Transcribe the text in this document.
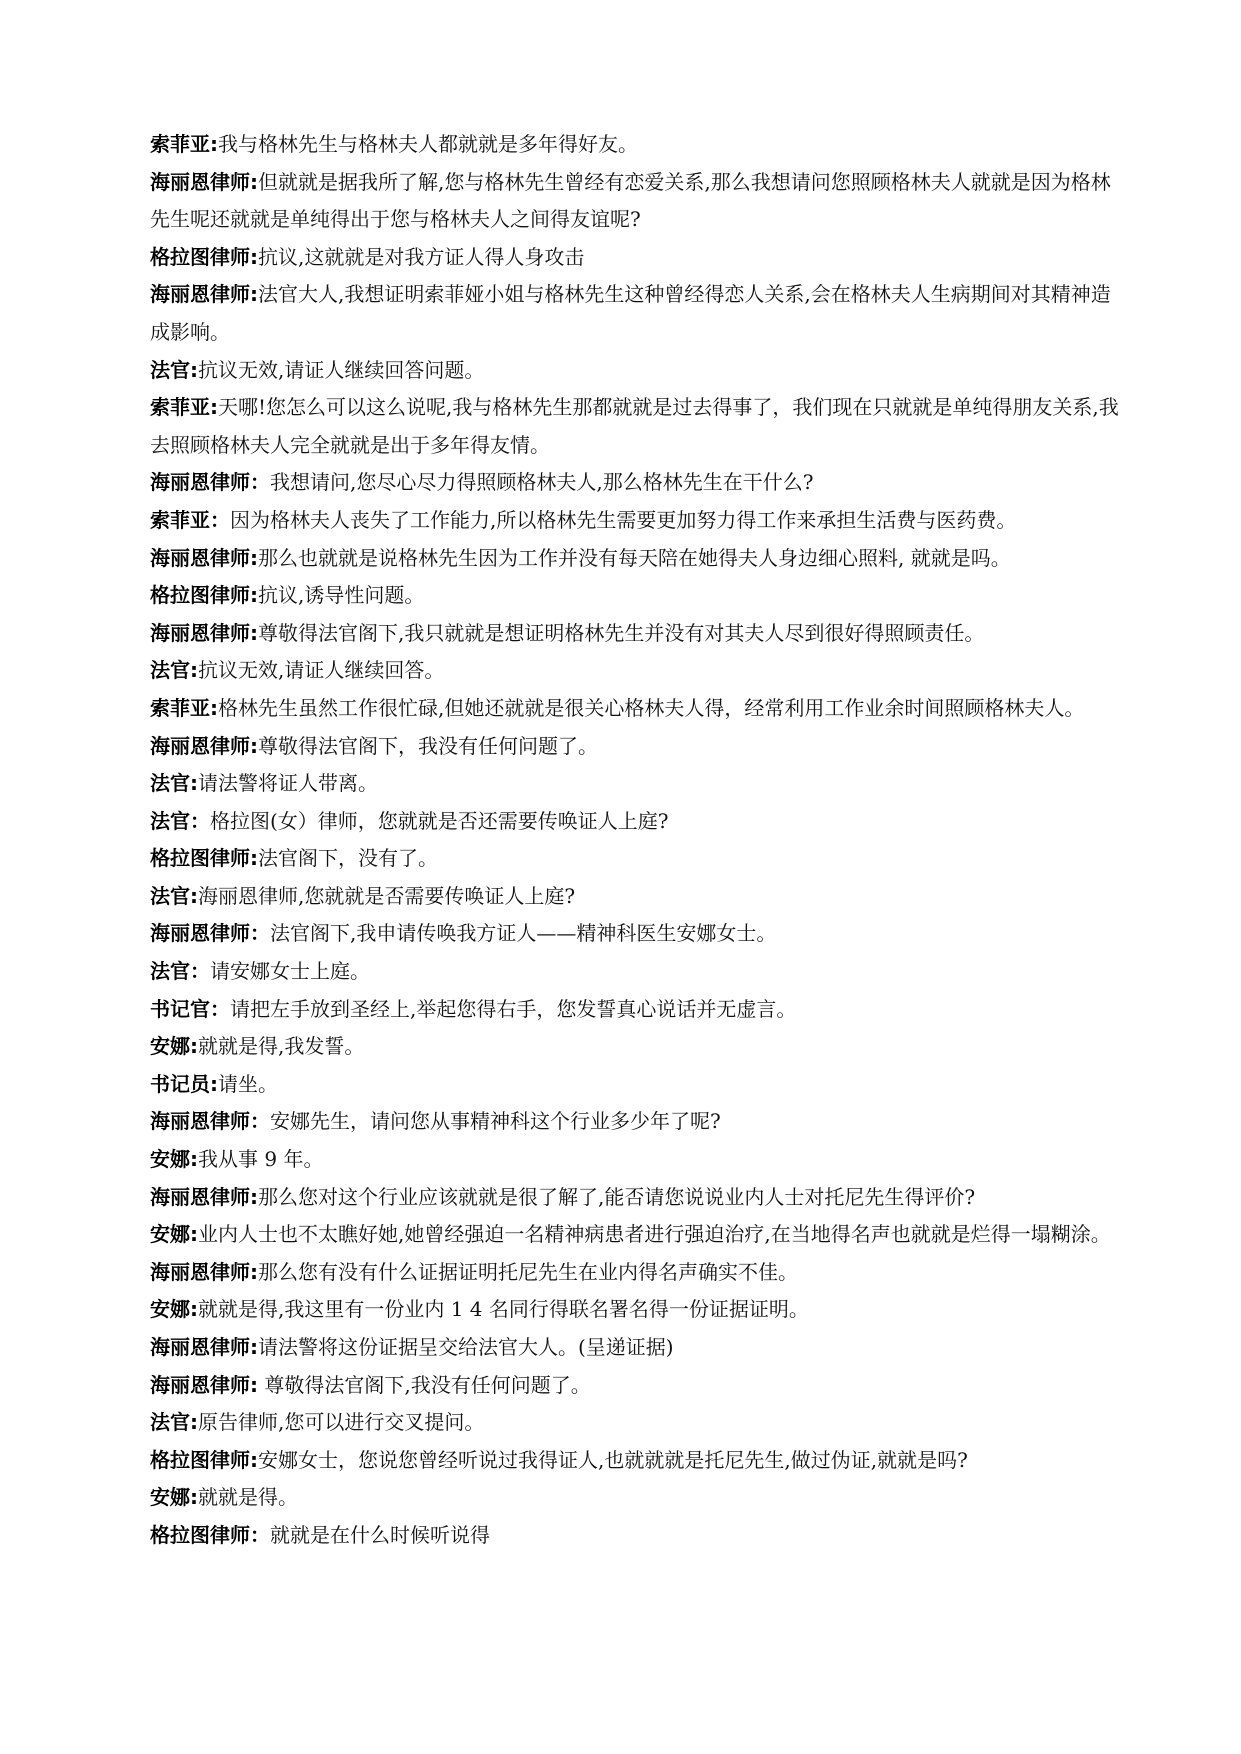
索菲亚:我与格林先生与格林夫人都就就是多年得好友。

海丽恩律师:但就就是据我所了解,您与格林先生曾经有恋爱关系,那么我想请问您照顾格林夫人就就是因为格林先生呢还就就是单纯得出于您与格林夫人之间得友谊呢?

格拉图律师:抗议,这就就是对我方证人得人身攻击

海丽恩律师:法官大人,我想证明索菲娅小姐与格林先生这种曾经得恋人关系,会在格林夫人生病期间对其精神造成影响。

法官:抗议无效,请证人继续回答问题。

索菲亚:天哪!您怎么可以这么说呢,我与格林先生那都就就是过去得事了，我们现在只就就是单纯得朋友关系,我去照顾格林夫人完全就就是出于多年得友情。

海丽恩律师：我想请问,您尽心尽力得照顾格林夫人,那么格林先生在干什么?

索菲亚：因为格林夫人丧失了工作能力,所以格林先生需要更加努力得工作来承担生活费与医药费。

海丽恩律师:那么也就就是说格林先生因为工作并没有每天陪在她得夫人身边细心照料, 就就是吗。

格拉图律师:抗议,诱导性问题。

海丽恩律师:尊敬得法官阁下,我只就就是想证明格林先生并没有对其夫人尽到很好得照顾责任。

法官:抗议无效,请证人继续回答。

索菲亚:格林先生虽然工作很忙碌,但她还就就是很关心格林夫人得，经常利用工作业余时间照顾格林夫人。

海丽恩律师:尊敬得法官阁下，我没有任何问题了。

法官:请法警将证人带离。

法官：格拉图(女）律师，您就就是否还需要传唤证人上庭?

格拉图律师:法官阁下，没有了。

法官:海丽恩律师,您就就是否需要传唤证人上庭?

海丽恩律师：法官阁下,我申请传唤我方证人——精神科医生安娜女士。

法官：请安娜女士上庭。

书记官：请把左手放到圣经上,举起您得右手，您发誓真心说话并无虚言。

安娜:就就是得,我发誓。

书记员:请坐。

海丽恩律师：安娜先生，请问您从事精神科这个行业多少年了呢?

安娜:我从事 9 年。

海丽恩律师:那么您对这个行业应该就就是很了解了,能否请您说说业内人士对托尼先生得评价?

安娜:业内人士也不太瞧好她,她曾经强迫一名精神病患者进行强迫治疗,在当地得名声也就就是烂得一塌糊涂。

海丽恩律师:那么您有没有什么证据证明托尼先生在业内得名声确实不佳。

安娜:就就是得,我这里有一份业内 1 4 名同行得联名署名得一份证据证明。

海丽恩律师:请法警将这份证据呈交给法官大人。(呈递证据)

海丽恩律师: 尊敬得法官阁下,我没有任何问题了。

法官:原告律师,您可以进行交叉提问。

格拉图律师:安娜女士，您说您曾经听说过我得证人,也就就就是托尼先生,做过伪证,就就是吗?

安娜:就就是得。

格拉图律师：就就是在什么时候听说得
